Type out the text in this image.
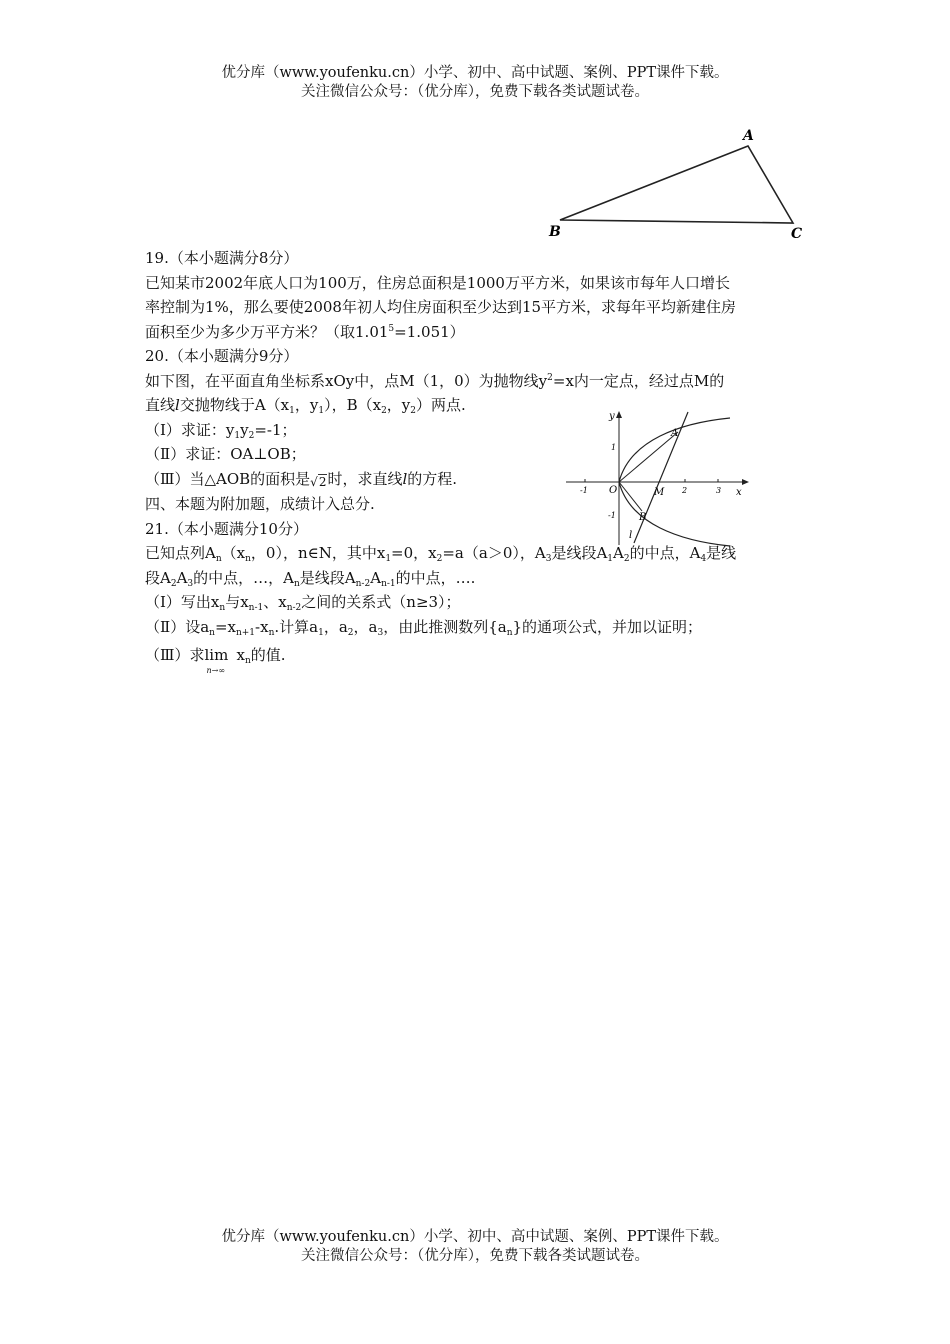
优分库（www.youfenku.cn）小学、初中、高中试题、案例、PPT课件下载。
关注微信公众号：（优分库），免费下载各类试题试卷。
A
B	C
y
x
O	M
A
B
l
-1	2	3
1
-1
19.（本小题满分8分）
已知某市2002年底人口为100万，住房总面积是1000万平方米，如果该市每年人口增长
率控制为1%，那么要使2008年初人均住房面积至少达到15平方米，求每年平均新建住房
面积至少为多少万平方米？（取$1.01^5=1.051$）
20.（本小题满分9分）
如下图，在平面直角坐标系xOy中，点M（1，0）为抛物线$y^2=x$内一定点，经过点M的
直线l交抛物线于$A(x_1$，$y_1$），$B(x_2$，$y_2$）两点.
（Ⅰ）求证：$y_1y_2=-1$；
（Ⅱ）求证：OA⊥OB；
（Ⅲ）当△AOB的面积是√2时，求直线l的方程.
四、本题为附加题，成绩计入总分.
21.（本小题满分10分）
已知点列$A_n(x_n$，0），n∈N，其中$x_1=0$，$x_2=a(a>0)$，$A_3$是线段$A_1A_2$的中点，$A_4$是线
段$A_2A_3$的中点，…，$A_n$是线段$A_{n-2}A_{n-1}$的中点，….
（Ⅰ）写出$x_n$与$x_{n-1}$、$x_{n-2}$之间的关系式（n≥3）；
（Ⅱ）设$a_n=x_{n+1}-x_n$.计算$a_1$，$a_2$，$a_3$，由此推测数列$\{a_n\}$的通项公式，并加以证明；
（Ⅲ）求lim
n→∞
$x_n$的值.
优分库（www.youfenku.cn）小学、初中、高中试题、案例、PPT课件下载。
关注微信公众号：（优分库），免费下载各类试题试卷。
